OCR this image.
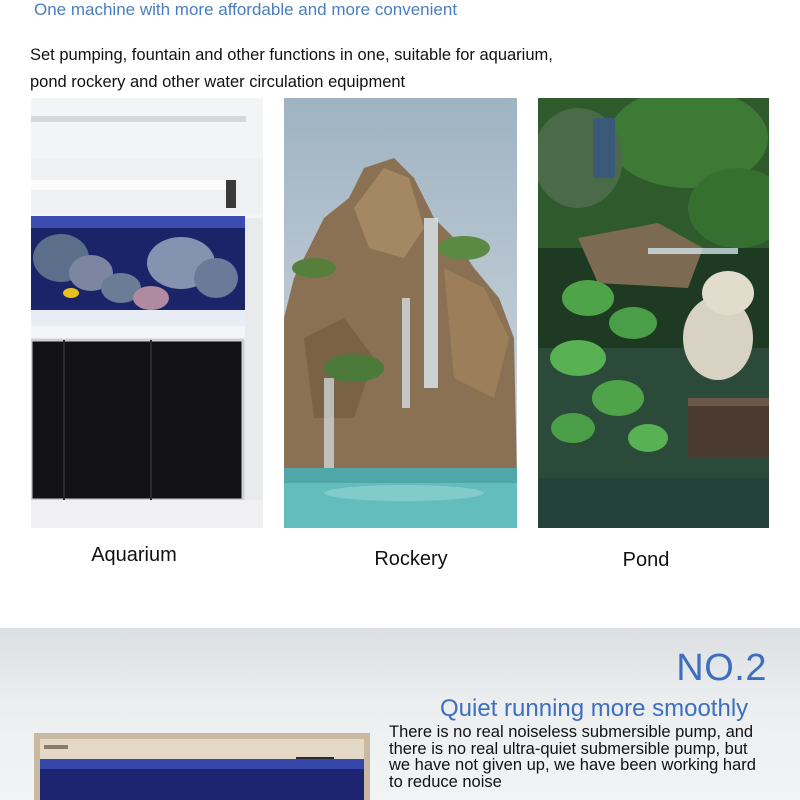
One machine with more affordable and more convenient
Set pumping, fountain and other functions in one, suitable for aquarium, pond rockery and other water circulation equipment
Aquarium	Rockery	Pond
NO.2
Quiet running more smoothly
There is no real noiseless submersible pump, and there is no real ultra-quiet submersible pump, but we have not given up, we have been working hard to reduce noise
